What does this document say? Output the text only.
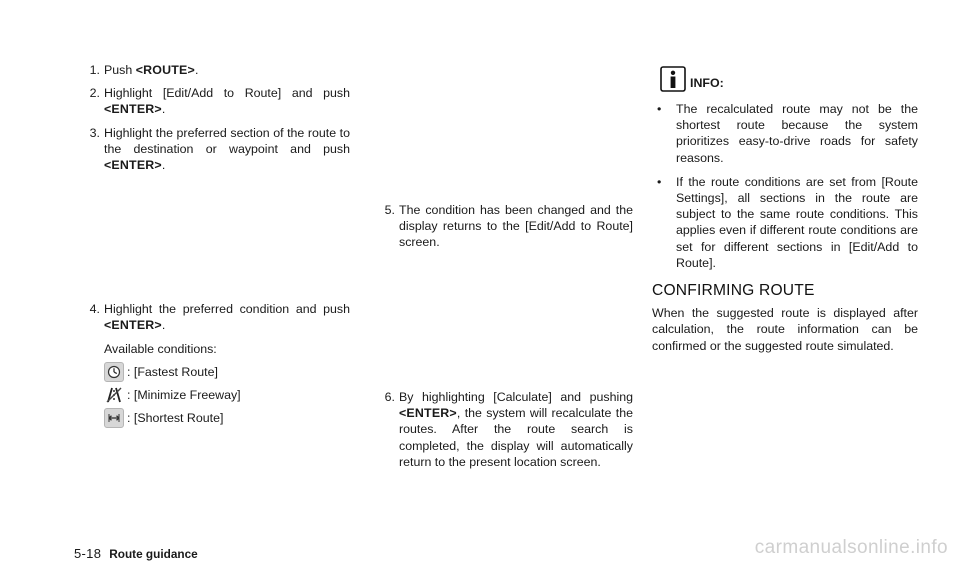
1. Push <ROUTE>.
2. Highlight [Edit/Add to Route] and push <ENTER>.
3. Highlight the preferred section of the route to the destination or waypoint and push <ENTER>.
4. Highlight the preferred condition and push <ENTER>.
Available conditions:
: [Fastest Route]
: [Minimize Freeway]
: [Shortest Route]
5. The condition has been changed and the display returns to the [Edit/Add to Route] screen.
6. By highlighting [Calculate] and pushing <ENTER>, the system will recalculate the routes. After the route search is completed, the display will automatically return to the present location screen.
INFO:
• The recalculated route may not be the shortest route because the system prioritizes easy-to-drive roads for safety reasons.
• If the route conditions are set from [Route Settings], all sections in the route are subject to the same route conditions. This applies even if different route conditions are set for different sections in [Edit/Add to Route].
CONFIRMING ROUTE
When the suggested route is displayed after calculation, the route information can be confirmed or the suggested route simulated.
5-18 Route guidance	carmanualsonline.info
